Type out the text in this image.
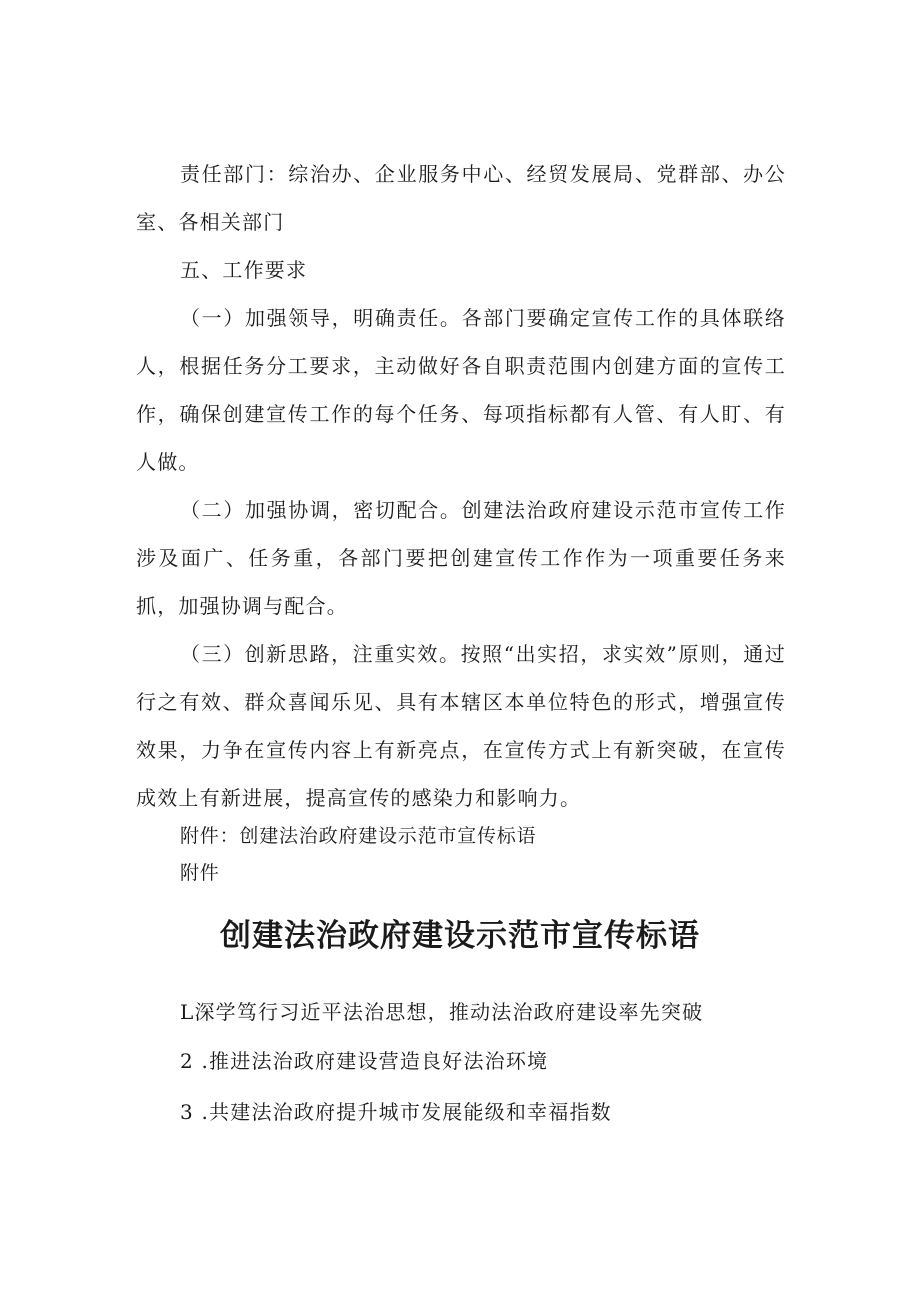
责任部门：综治办、企业服务中心、经贸发展局、党群部、办公室、各相关部门

五、工作要求

（一）加强领导，明确责任。各部门要确定宣传工作的具体联络人，根据任务分工要求，主动做好各自职责范围内创建方面的宣传工作，确保创建宣传工作的每个任务、每项指标都有人管、有人盯、有人做。

（二）加强协调，密切配合。创建法治政府建设示范市宣传工作涉及面广、任务重，各部门要把创建宣传工作作为一项重要任务来抓，加强协调与配合。

（三）创新思路，注重实效。按照“出实招，求实效”原则，通过行之有效、群众喜闻乐见、具有本辖区本单位特色的形式，增强宣传效果，力争在宣传内容上有新亮点，在宣传方式上有新突破，在宣传成效上有新进展，提高宣传的感染力和影响力。

附件：创建法治政府建设示范市宣传标语

附件

创建法治政府建设示范市宣传标语

L深学笃行习近平法治思想，推动法治政府建设率先突破

2 .推进法治政府建设营造良好法治环境

3 .共建法治政府提升城市发展能级和幸福指数
